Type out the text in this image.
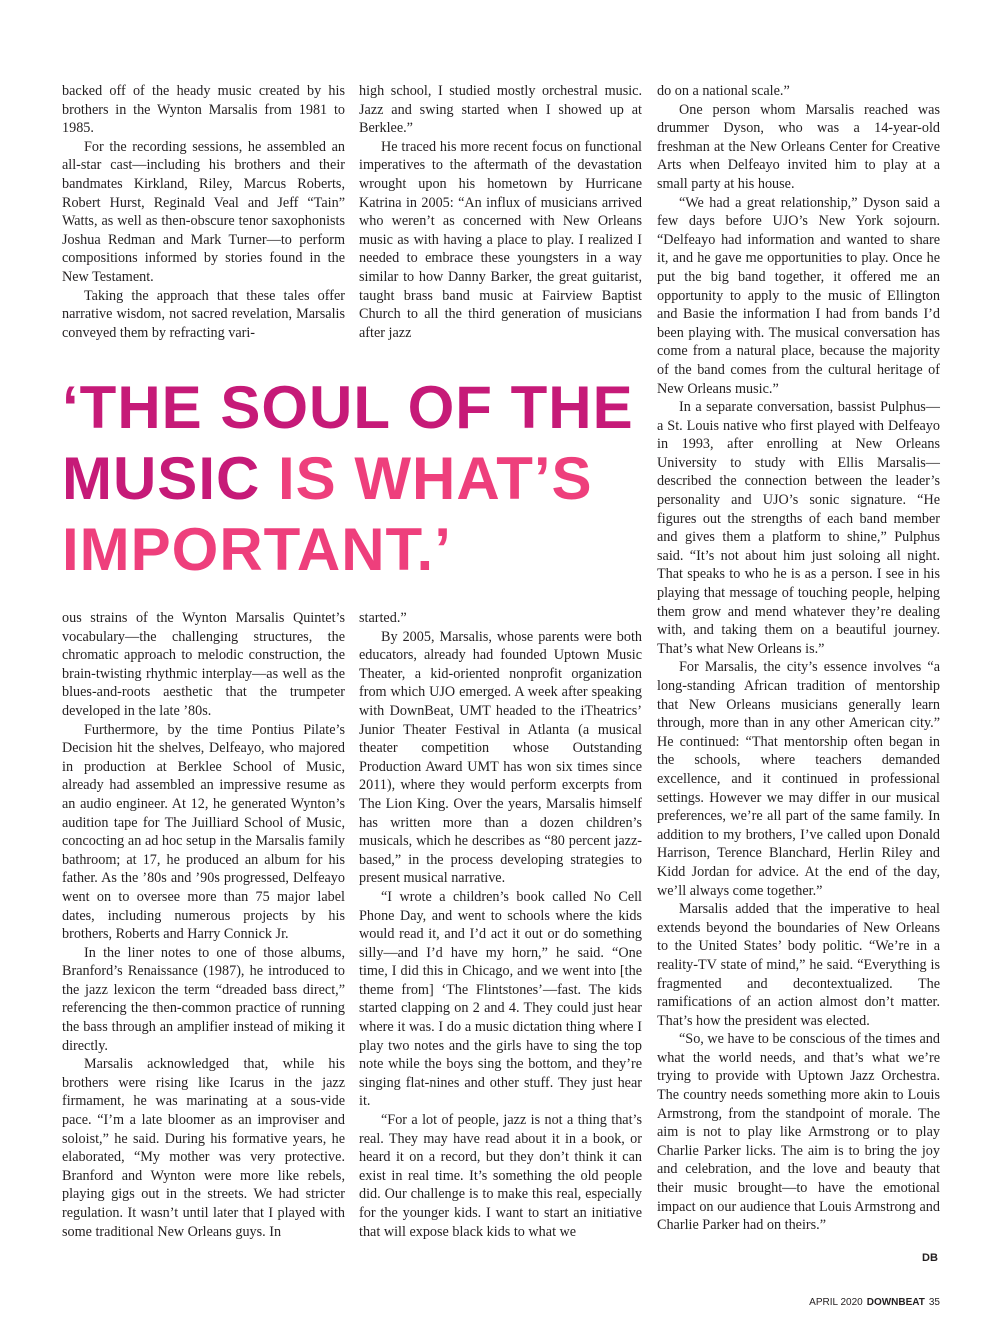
backed off of the heady music created by his brothers in the Wynton Marsalis from 1981 to 1985.

For the recording sessions, he assembled an all-star cast—including his brothers and their bandmates Kirkland, Riley, Marcus Roberts, Robert Hurst, Reginald Veal and Jeff “Tain” Watts, as well as then-obscure tenor saxophonists Joshua Redman and Mark Turner—to perform compositions informed by stories found in the New Testament.

Taking the approach that these tales offer narrative wisdom, not sacred revelation, Marsalis conveyed them by refracting vari-

high school, I studied mostly orchestral music. Jazz and swing started when I showed up at Berklee.”

He traced his more recent focus on functional imperatives to the aftermath of the devastation wrought upon his hometown by Hurricane Katrina in 2005: “An influx of musicians arrived who weren’t as concerned with New Orleans music as with having a place to play. I realized I needed to embrace these youngsters in a way similar to how Danny Barker, the great guitarist, taught brass band music at Fairview Baptist Church to all the third generation of musicians after jazz

‘THE SOUL OF THE MUSIC IS WHAT’S IMPORTANT.’

ous strains of the Wynton Marsalis Quintet’s vocabulary—the challenging structures, the chromatic approach to melodic construction, the brain-twisting rhythmic interplay—as well as the blues-and-roots aesthetic that the trumpeter developed in the late ’80s.

Furthermore, by the time Pontius Pilate’s Decision hit the shelves, Delfeayo, who majored in production at Berklee School of Music, already had assembled an impressive resume as an audio engineer. At 12, he generated Wynton’s audition tape for The Juilliard School of Music, concocting an ad hoc setup in the Marsalis family bathroom; at 17, he produced an album for his father. As the ’80s and ’90s progressed, Delfeayo went on to oversee more than 75 major label dates, including numerous projects by his brothers, Roberts and Harry Connick Jr.

In the liner notes to one of those albums, Branford’s Renaissance (1987), he introduced to the jazz lexicon the term “dreaded bass direct,” referencing the then-common practice of running the bass through an amplifier instead of miking it directly.

Marsalis acknowledged that, while his brothers were rising like Icarus in the jazz firmament, he was marinating at a sous-vide pace. “I’m a late bloomer as an improviser and soloist,” he said. During his formative years, he elaborated, “My mother was very protective. Branford and Wynton were more like rebels, playing gigs out in the streets. We had stricter regulation. It wasn’t until later that I played with some traditional New Orleans guys. In

started.”

By 2005, Marsalis, whose parents were both educators, already had founded Uptown Music Theater, a kid-oriented nonprofit organization from which UJO emerged. A week after speaking with DownBeat, UMT headed to the iTheatrics’ Junior Theater Festival in Atlanta (a musical theater competition whose Outstanding Production Award UMT has won six times since 2011), where they would perform excerpts from The Lion King. Over the years, Marsalis himself has written more than a dozen children’s musicals, which he describes as “80 percent jazz-based,” in the process developing strategies to present musical narrative.

“I wrote a children’s book called No Cell Phone Day, and went to schools where the kids would read it, and I’d act it out or do something silly—and I’d have my horn,” he said. “One time, I did this in Chicago, and we went into [the theme from] ‘The Flintstones’—fast. The kids started clapping on 2 and 4. They could just hear where it was. I do a music dictation thing where I play two notes and the girls have to sing the top note while the boys sing the bottom, and they’re singing flat-nines and other stuff. They just hear it.

“For a lot of people, jazz is not a thing that’s real. They may have read about it in a book, or heard it on a record, but they don’t think it can exist in real time. It’s something the old people did. Our challenge is to make this real, especially for the younger kids. I want to start an initiative that will expose black kids to what we

do on a national scale.”

One person whom Marsalis reached was drummer Dyson, who was a 14-year-old freshman at the New Orleans Center for Creative Arts when Delfeayo invited him to play at a small party at his house.

“We had a great relationship,” Dyson said a few days before UJO’s New York sojourn. “Delfeayo had information and wanted to share it, and he gave me opportunities to play. Once he put the big band together, it offered me an opportunity to apply to the music of Ellington and Basie the information I had from bands I’d been playing with. The musical conversation has come from a natural place, because the majority of the band comes from the cultural heritage of New Orleans music.”

In a separate conversation, bassist Pulphus—a St. Louis native who first played with Delfeayo in 1993, after enrolling at New Orleans University to study with Ellis Marsalis—described the connection between the leader’s personality and UJO’s sonic signature. “He figures out the strengths of each band member and gives them a platform to shine,” Pulphus said. “It’s not about him just soloing all night. That speaks to who he is as a person. I see in his playing that message of touching people, helping them grow and mend whatever they’re dealing with, and taking them on a beautiful journey. That’s what New Orleans is.”

For Marsalis, the city’s essence involves “a long-standing African tradition of mentorship that New Orleans musicians generally learn through, more than in any other American city.” He continued: “That mentorship often began in the schools, where teachers demanded excellence, and it continued in professional settings. However we may differ in our musical preferences, we’re all part of the same family. In addition to my brothers, I’ve called upon Donald Harrison, Terence Blanchard, Herlin Riley and Kidd Jordan for advice. At the end of the day, we’ll always come together.”

Marsalis added that the imperative to heal extends beyond the boundaries of New Orleans to the United States’ body politic. “We’re in a reality-TV state of mind,” he said. “Everything is fragmented and decontextualized. The ramifications of an action almost don’t matter. That’s how the president was elected.

“So, we have to be conscious of the times and what the world needs, and that’s what we’re trying to provide with Uptown Jazz Orchestra. The country needs something more akin to Louis Armstrong, from the standpoint of morale. The aim is not to play like Armstrong or to play Charlie Parker licks. The aim is to bring the joy and celebration, and the love and beauty that their music brought—to have the emotional impact on our audience that Louis Armstrong and Charlie Parker had on theirs.”

DB
APRIL 2020 DOWNBEAT 35
